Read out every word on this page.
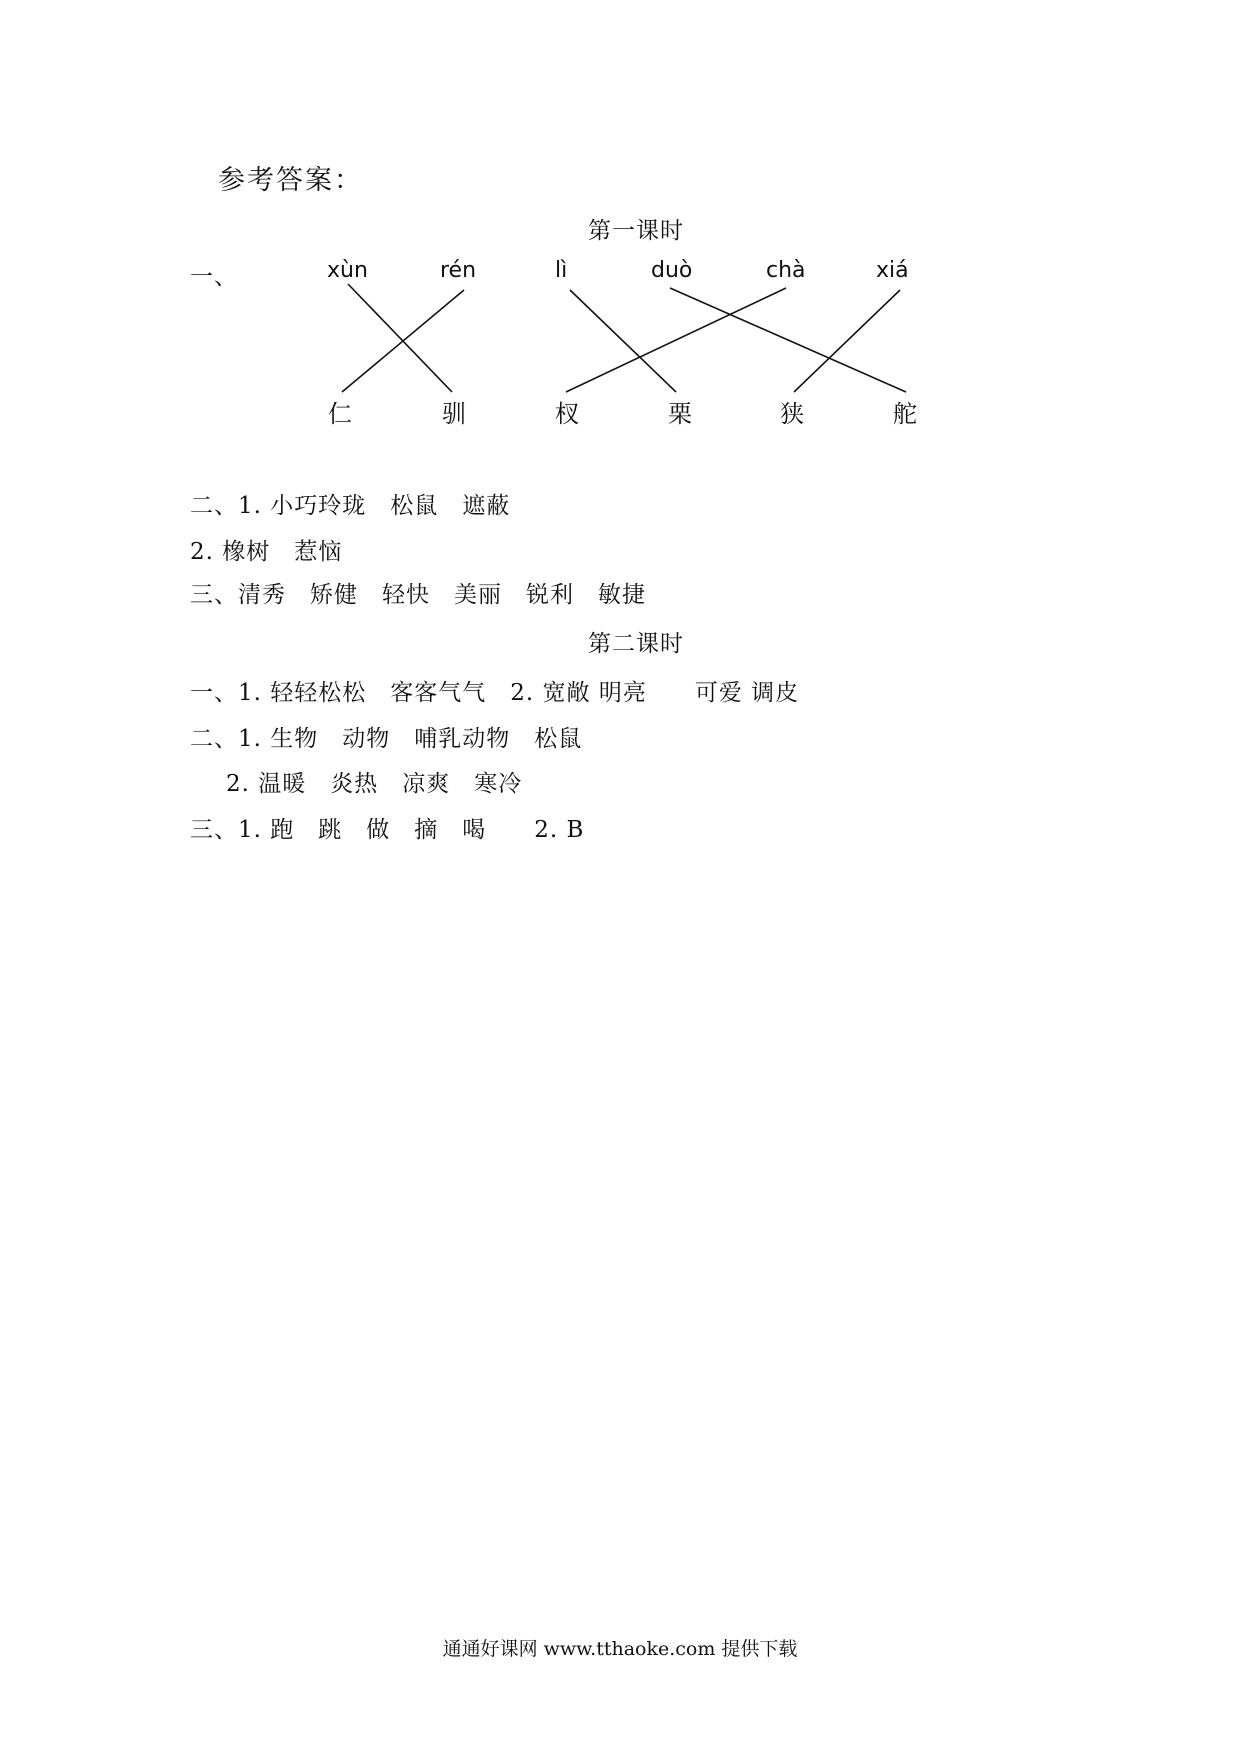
参考答案：
第一课时
一、	xùn	rén	lì	duò	chà	xiá
仁	驯	杈	栗	狭	舵
二、1. 小巧玲珑　松鼠　遮蔽
2. 橡树　惹恼
三、清秀　矫健　轻快　美丽　锐利　敏捷
第二课时
一、1. 轻轻松松　客客气气　2. 宽敞 明亮　　可爱 调皮
二、1. 生物　动物　哺乳动物　松鼠
2. 温暖　炎热　凉爽　寒冷
三、1. 跑　跳　做　摘　喝　　2. B
通通好课网 www.tthaoke.com 提供下载
